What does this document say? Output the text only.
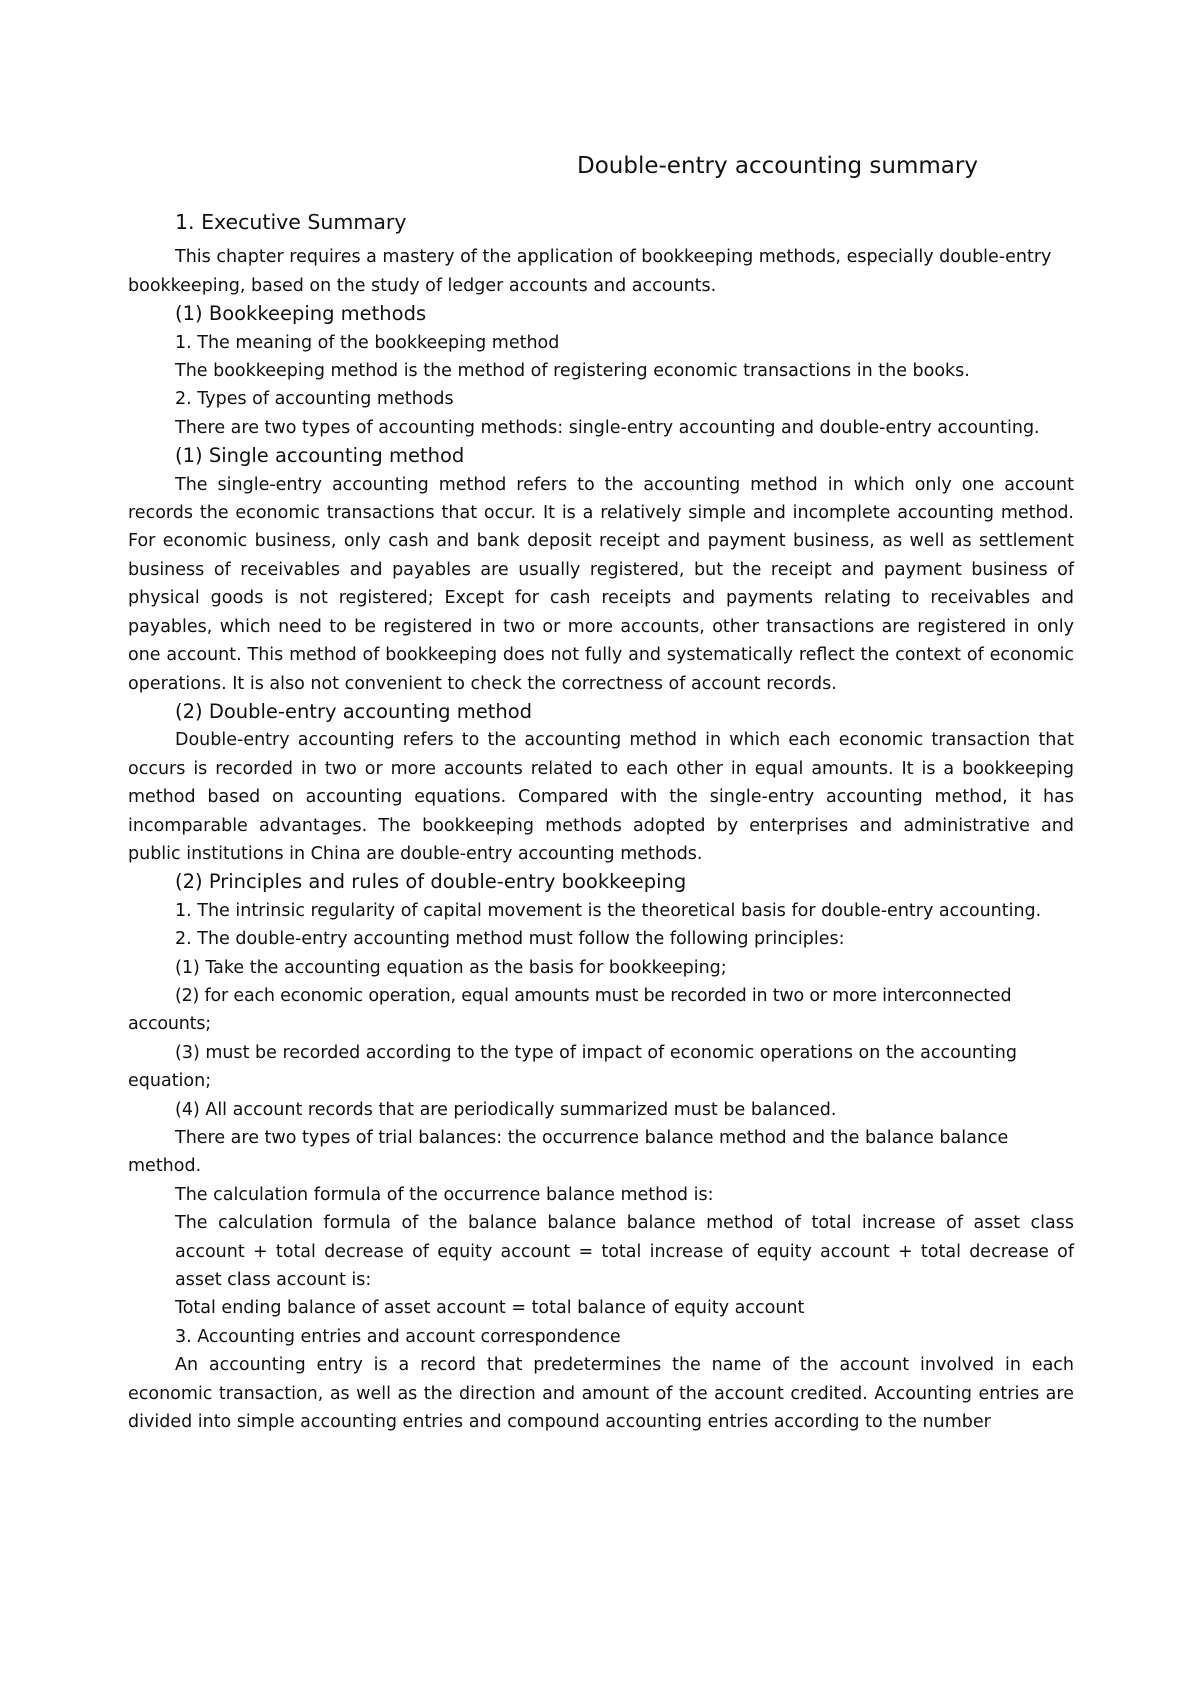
Double-entry accounting summary
1. Executive Summary
This chapter requires a mastery of the application of bookkeeping methods, especially double-entry bookkeeping, based on the study of ledger accounts and accounts.
(1) Bookkeeping methods
1. The meaning of the bookkeeping method
The bookkeeping method is the method of registering economic transactions in the books.
2. Types of accounting methods
There are two types of accounting methods: single-entry accounting and double-entry accounting.
(1) Single accounting method
The single-entry accounting method refers to the accounting method in which only one account records the economic transactions that occur. It is a relatively simple and incomplete accounting method. For economic business, only cash and bank deposit receipt and payment business, as well as settlement business of receivables and payables are usually registered, but the receipt and payment business of physical goods is not registered; Except for cash receipts and payments relating to receivables and payables, which need to be registered in two or more accounts, other transactions are registered in only one account. This method of bookkeeping does not fully and systematically reflect the context of economic operations. It is also not convenient to check the correctness of account records.
(2) Double-entry accounting method
Double-entry accounting refers to the accounting method in which each economic transaction that occurs is recorded in two or more accounts related to each other in equal amounts. It is a bookkeeping method based on accounting equations. Compared with the single-entry accounting method, it has incomparable advantages. The bookkeeping methods adopted by enterprises and administrative and public institutions in China are double-entry accounting methods.
(2) Principles and rules of double-entry bookkeeping
1. The intrinsic regularity of capital movement is the theoretical basis for double-entry accounting.
2. The double-entry accounting method must follow the following principles:
(1) Take the accounting equation as the basis for bookkeeping;
(2) for each economic operation, equal amounts must be recorded in two or more interconnected accounts;
(3) must be recorded according to the type of impact of economic operations on the accounting equation;
(4) All account records that are periodically summarized must be balanced.
There are two types of trial balances: the occurrence balance method and the balance balance method.
The calculation formula of the occurrence balance method is:
The calculation formula of the balance balance balance method of total increase of asset class account + total decrease of equity account = total increase of equity account + total decrease of asset class account is:
Total ending balance of asset account = total balance of equity account
3. Accounting entries and account correspondence
An accounting entry is a record that predetermines the name of the account involved in each economic transaction, as well as the direction and amount of the account credited. Accounting entries are divided into simple accounting entries and compound accounting entries according to the number
